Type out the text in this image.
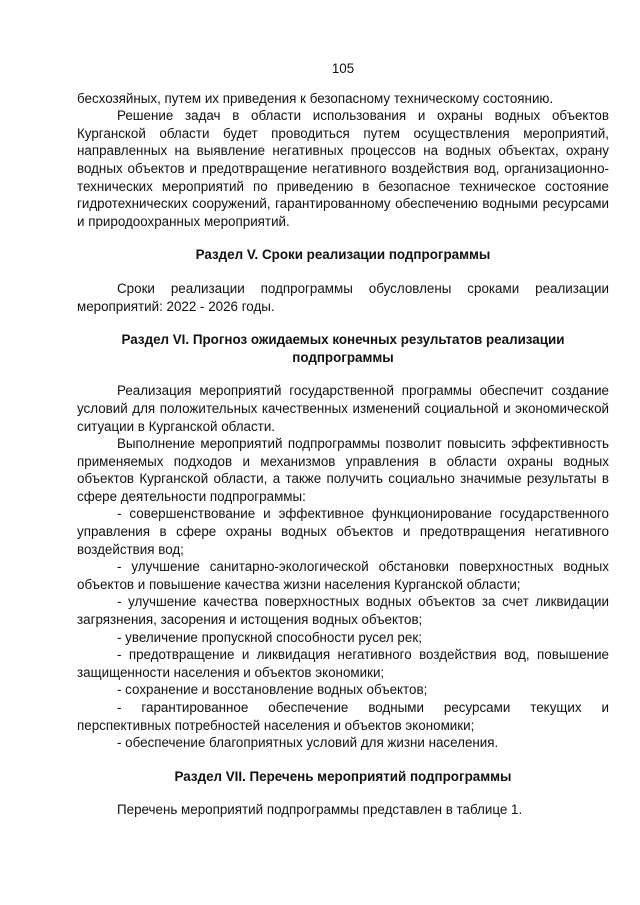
105

бесхозяйных, путем их приведения к безопасному техническому состоянию.

Решение задач в области использования и охраны водных объектов Курганской области будет проводиться путем осуществления мероприятий, направленных на выявление негативных процессов на водных объектах, охрану водных объектов и предотвращение негативного воздействия вод, организационно-технических мероприятий по приведению в безопасное техническое состояние гидротехнических сооружений, гарантированному обеспечению водными ресурсами и природоохранных мероприятий.

Раздел V. Сроки реализации подпрограммы

Сроки реализации подпрограммы обусловлены сроками реализации мероприятий: 2022 - 2026 годы.

Раздел VI. Прогноз ожидаемых конечных результатов реализации подпрограммы

Реализация мероприятий государственной программы обеспечит создание условий для положительных качественных изменений социальной и экономической ситуации в Курганской области.

Выполнение мероприятий подпрограммы позволит повысить эффективность применяемых подходов и механизмов управления в области охраны водных объектов Курганской области, а также получить социально значимые результаты в сфере деятельности подпрограммы:

- совершенствование и эффективное функционирование государственного управления в сфере охраны водных объектов и предотвращения негативного воздействия вод;

- улучшение санитарно-экологической обстановки поверхностных водных объектов и повышение качества жизни населения Курганской области;

- улучшение качества поверхностных водных объектов за счет ликвидации загрязнения, засорения и истощения водных объектов;

- увеличение пропускной способности русел рек;

- предотвращение и ликвидация негативного воздействия вод, повышение защищенности населения и объектов экономики;

- сохранение и восстановление водных объектов;

- гарантированное обеспечение водными ресурсами текущих и перспективных потребностей населения и объектов экономики;

- обеспечение благоприятных условий для жизни населения.

Раздел VII. Перечень мероприятий подпрограммы

Перечень мероприятий подпрограммы представлен в таблице 1.
